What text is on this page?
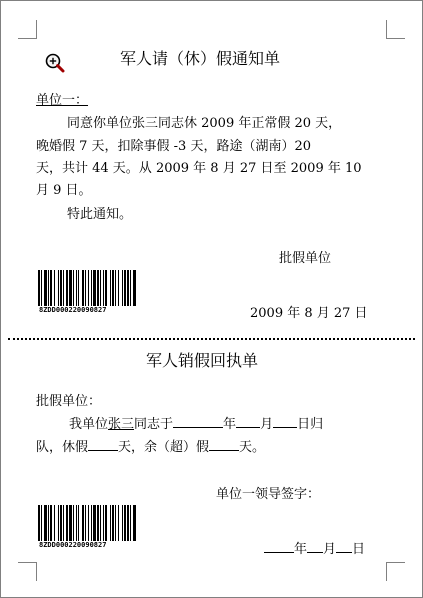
军人请（休）假通知单
单位一：
同意你单位张三同志休 2009 年正常假 20 天，
晚婚假 7 天，扣除事假 -3 天，路途（湖南）20
天，共计 44 天。从 2009 年 8 月 27 日至 2009 年 10
月 9 日。
特此通知。
批假单位
2009 年 8 月 27 日
8ZDD000220090827
军人销假回执单
批假单位：
我单位张三同志于	年 月 日归
队，休假 天，余（超）假 天。
单位一领导签字：
8ZDD000220090827	年 月 日
